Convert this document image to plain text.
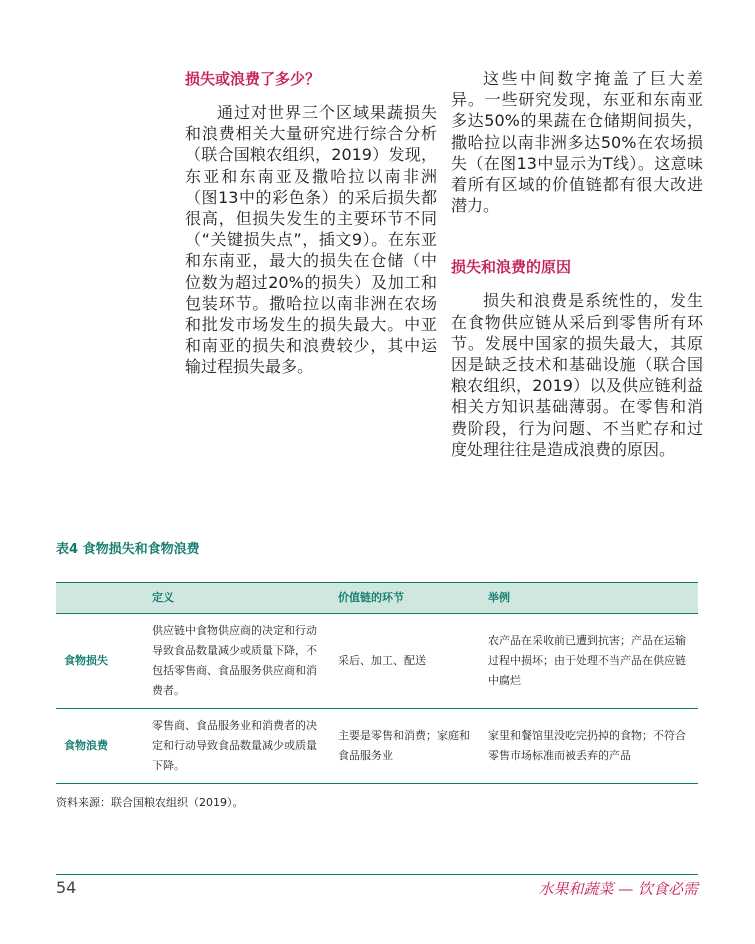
损失或浪费了多少？

通过对世界三个区域果蔬损失和浪费相关大量研究进行综合分析（联合国粮农组织，2019）发现，东亚和东南亚及撒哈拉以南非洲（图13中的彩色条）的采后损失都很高，但损失发生的主要环节不同（“关键损失点”，插文9）。在东亚和东南亚，最大的损失在仓储（中位数为超过20%的损失）及加工和包装环节。撒哈拉以南非洲在农场和批发市场发生的损失最大。中亚和南亚的损失和浪费较少，其中运输过程损失最多。

这些中间数字掩盖了巨大差异。一些研究发现，东亚和东南亚多达50%的果蔬在仓储期间损失，撒哈拉以南非洲多达50%在农场损失（在图13中显示为T线）。这意味着所有区域的价值链都有很大改进潜力。

损失和浪费的原因

损失和浪费是系统性的，发生在食物供应链从采后到零售所有环节。发展中国家的损失最大，其原因是缺乏技术和基础设施（联合国粮农组织，2019）以及供应链利益相关方知识基础薄弱。在零售和消费阶段，行为问题、不当贮存和过度处理往往是造成浪费的原因。

表4 食物损失和食物浪费
	定义	价值链的环节	举例
食物损失	供应链中食物供应商的决定和行动导致食品数量减少或质量下降，不包括零售商、食品服务供应商和消费者。	采后、加工、配送	农产品在采收前已遭到抗害；产品在运输过程中损坏；由于处理不当产品在供应链中腐烂
食物浪费	零售商、食品服务业和消费者的决定和行动导致食品数量减少或质量下降。	主要是零售和消费；家庭和食品服务业	家里和餐馆里没吃完扔掉的食物；不符合零售市场标准而被丢弃的产品
资料来源：联合国粮农组织（2019）。
54	水果和蔬菜 — 饮食必需
